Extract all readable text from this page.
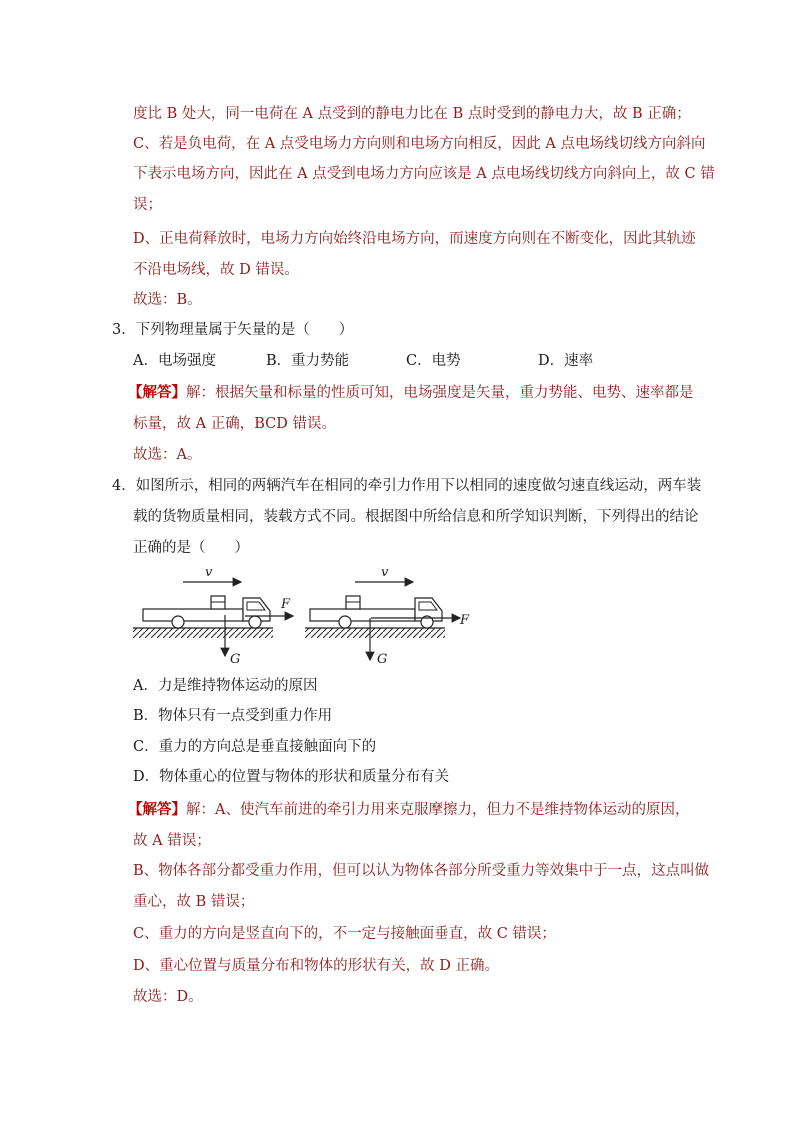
度比 B 处大，同一电荷在 A 点受到的静电力比在 B 点时受到的静电力大，故 B 正确；
C、若是负电荷，在 A 点受电场力方向则和电场方向相反，因此 A 点电场线切线方向斜向
下表示电场方向，因此在 A 点受到电场力方向应该是 A 点电场线切线方向斜向上，故 C 错
误；
D、正电荷释放时，电场力方向始终沿电场方向，而速度方向则在不断变化，因此其轨迹
不沿电场线，故 D 错误。
故选：B。
3．下列物理量属于矢量的是（　　）
A．电场强度	B．重力势能	C．电势	D．速率
【解答】解：根据矢量和标量的性质可知，电场强度是矢量，重力势能、电势、速率都是
标量，故 A 正确，BCD 错误。
故选：A。
4．如图所示，相同的两辆汽车在相同的牵引力作用下以相同的速度做匀速直线运动，两车装
载的货物质量相同，装载方式不同。根据图中所给信息和所学知识判断，下列得出的结论
正确的是（　　）
v
F
G
v
F
G
A．力是维持物体运动的原因
B．物体只有一点受到重力作用
C．重力的方向总是垂直接触面向下的
D．物体重心的位置与物体的形状和质量分布有关
【解答】解：A、使汽车前进的牵引力用来克服摩擦力，但力不是维持物体运动的原因，
故 A 错误；
B、物体各部分都受重力作用，但可以认为物体各部分所受重力等效集中于一点，这点叫做
重心，故 B 错误；
C、重力的方向是竖直向下的，不一定与接触面垂直，故 C 错误；
D、重心位置与质量分布和物体的形状有关，故 D 正确。
故选：D。
